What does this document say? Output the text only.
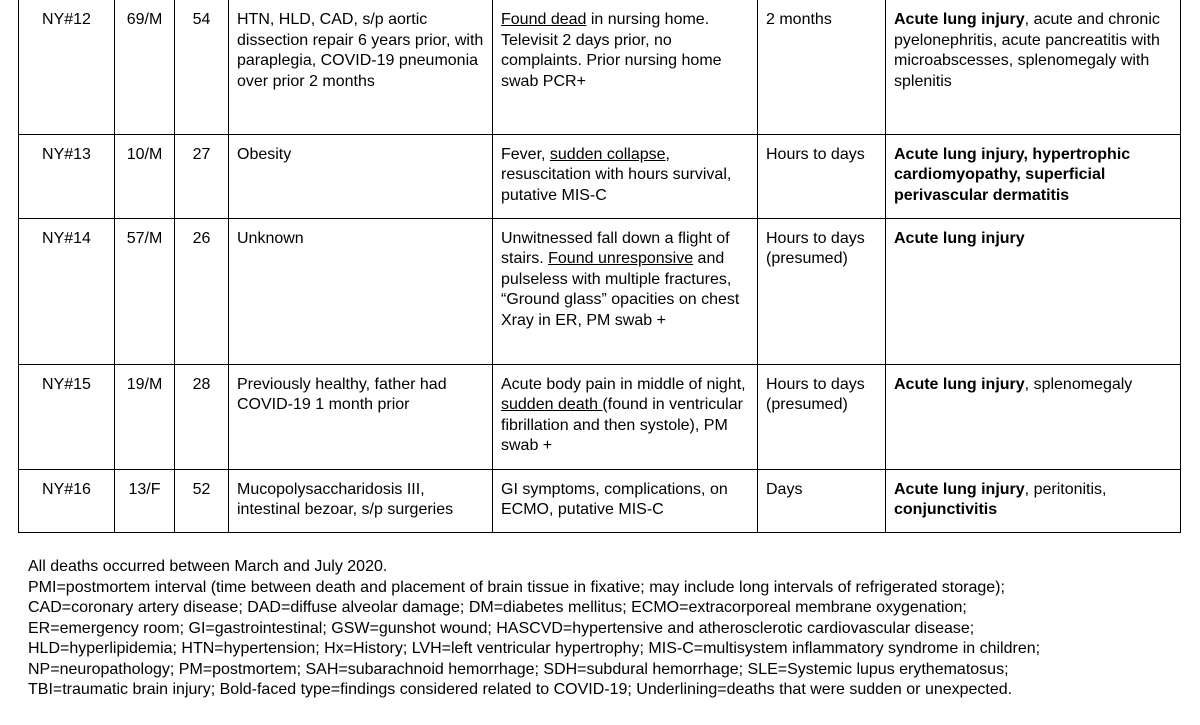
NY#12	69/M	54	HTN, HLD, CAD, s/p aortic dissection repair 6 years prior, with paraplegia, COVID-19 pneumonia over prior 2 months	Found dead in nursing home. Televisit 2 days prior, no complaints. Prior nursing home swab PCR+	2 months	Acute lung injury, acute and chronic pyelonephritis, acute pancreatitis with microabscesses, splenomegaly with splenitis
NY#13	10/M	27	Obesity	Fever, sudden collapse, resuscitation with hours survival, putative MIS-C	Hours to days	Acute lung injury, hypertrophic cardiomyopathy, superficial perivascular dermatitis
NY#14	57/M	26	Unknown	Unwitnessed fall down a flight of stairs. Found unresponsive and pulseless with multiple fractures, “Ground glass” opacities on chest Xray in ER, PM swab +	Hours to days (presumed)	Acute lung injury
NY#15	19/M	28	Previously healthy, father had COVID-19 1 month prior	Acute body pain in middle of night, sudden death (found in ventricular fibrillation and then systole), PM swab +	Hours to days (presumed)	Acute lung injury, splenomegaly
NY#16	13/F	52	Mucopolysaccharidosis III, intestinal bezoar, s/p surgeries	GI symptoms, complications, on ECMO, putative MIS-C	Days	Acute lung injury, peritonitis, conjunctivitis
All deaths occurred between March and July 2020.
PMI=postmortem interval (time between death and placement of brain tissue in fixative; may include long intervals of refrigerated storage);
CAD=coronary artery disease; DAD=diffuse alveolar damage; DM=diabetes mellitus; ECMO=extracorporeal membrane oxygenation;
ER=emergency room; GI=gastrointestinal; GSW=gunshot wound; HASCVD=hypertensive and atherosclerotic cardiovascular disease;
HLD=hyperlipidemia; HTN=hypertension; Hx=History; LVH=left ventricular hypertrophy; MIS-C=multisystem inflammatory syndrome in children;
NP=neuropathology; PM=postmortem; SAH=subarachnoid hemorrhage; SDH=subdural hemorrhage; SLE=Systemic lupus erythematosus;
TBI=traumatic brain injury; Bold-faced type=findings considered related to COVID-19; Underlining=deaths that were sudden or unexpected.
